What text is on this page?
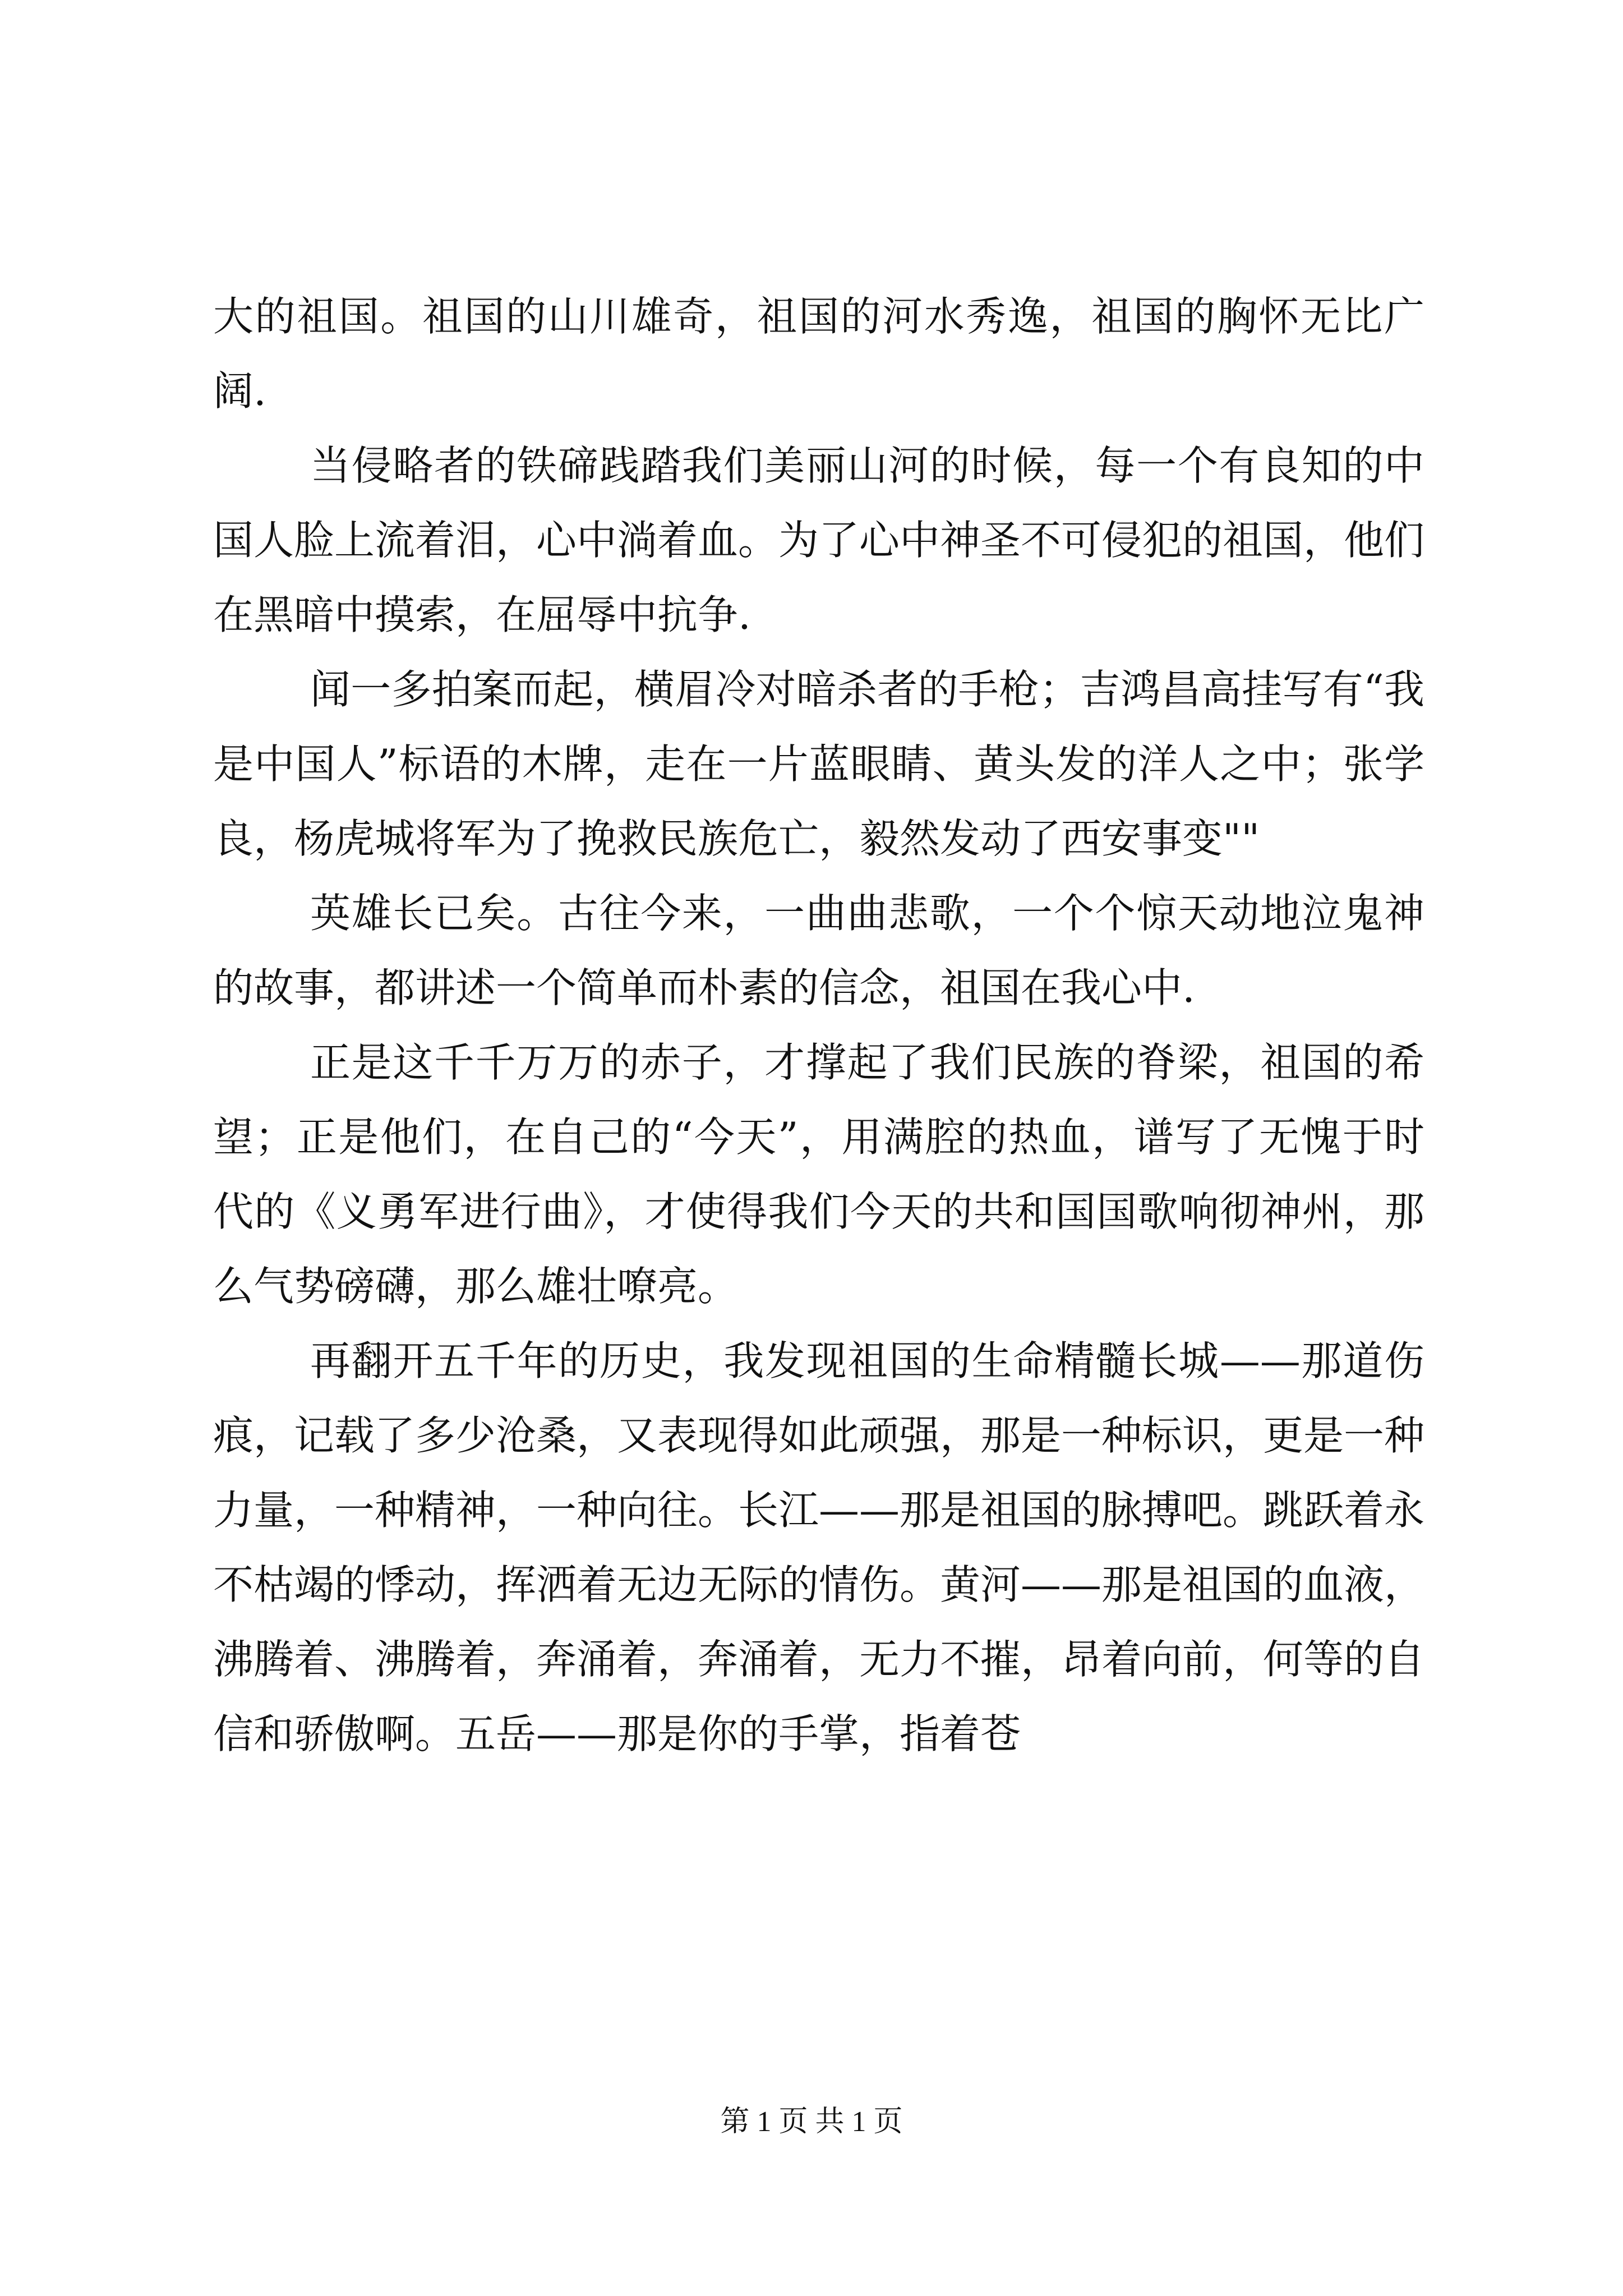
大的祖国。祖国的山川雄奇，祖国的河水秀逸，祖国的胸怀无比广阔.

当侵略者的铁碲践踏我们美丽山河的时候，每一个有良知的中国人脸上流着泪，心中淌着血。为了心中神圣不可侵犯的祖国，他们在黑暗中摸索，在屈辱中抗争.

闻一多拍案而起，横眉冷对暗杀者的手枪；吉鸿昌高挂写有“我是中国人”标语的木牌，走在一片蓝眼睛、黄头发的洋人之中；张学良，杨虎城将军为了挽救民族危亡，毅然发动了西安事变""

英雄长已矣。古往今来，一曲曲悲歌，一个个惊天动地泣鬼神的故事，都讲述一个简单而朴素的信念，祖国在我心中.

正是这千千万万的赤子，才撑起了我们民族的脊梁，祖国的希望；正是他们，在自己的“今天”，用满腔的热血，谱写了无愧于时代的《义勇军进行曲》，才使得我们今天的共和国国歌响彻神州，那么气势磅礴，那么雄壮嘹亮。

再翻开五千年的历史，我发现祖国的生命精髓长城——那道伤痕，记载了多少沧桑，又表现得如此顽强，那是一种标识，更是一种力量，一种精神，一种向往。长江——那是祖国的脉搏吧。跳跃着永不枯竭的悸动，挥洒着无边无际的情伤。黄河——那是祖国的血液，沸腾着、沸腾着，奔涌着，奔涌着，无力不摧，昂着向前，何等的自信和骄傲啊。五岳——那是你的手掌，指着苍

第 1 页 共 1 页
